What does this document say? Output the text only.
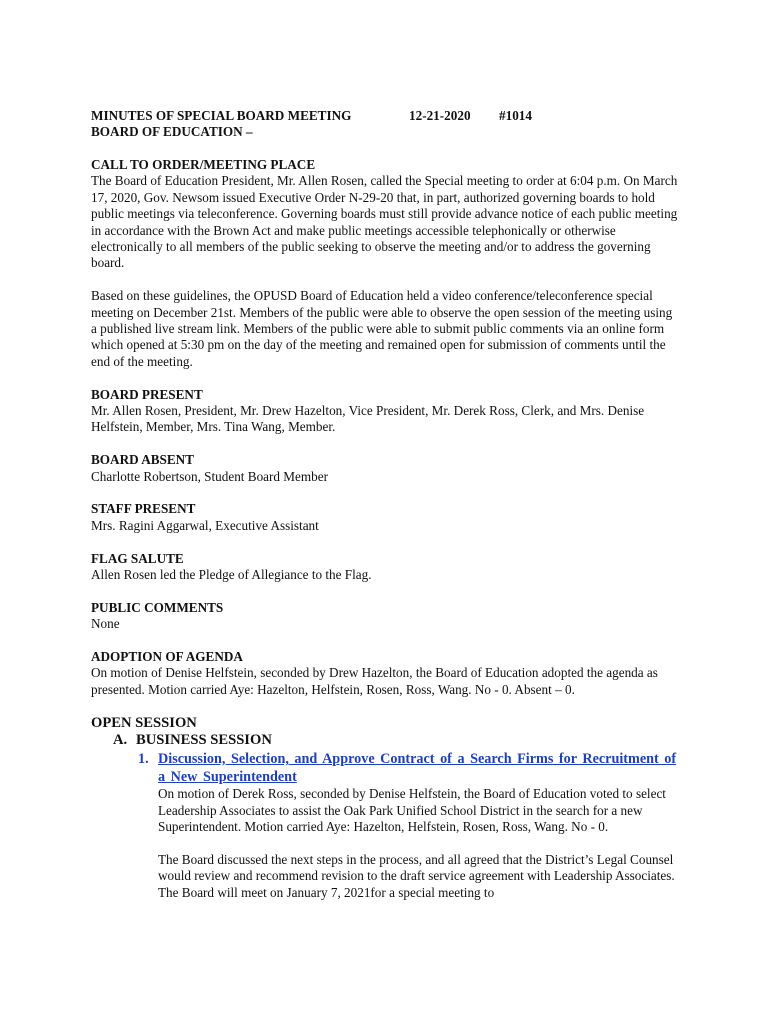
MINUTES OF SPECIAL BOARD MEETING	12-21-2020 #1014
BOARD OF EDUCATION –

CALL TO ORDER/MEETING PLACE

The Board of Education President, Mr. Allen Rosen, called the Special meeting to order at 6:04 p.m. On March 17, 2020, Gov. Newsom issued Executive Order N-29-20 that, in part, authorized governing boards to hold public meetings via teleconference. Governing boards must still provide advance notice of each public meeting in accordance with the Brown Act and make public meetings accessible telephonically or otherwise electronically to all members of the public seeking to observe the meeting and/or to address the governing board.

Based on these guidelines, the OPUSD Board of Education held a video conference/teleconference special meeting on December 21st. Members of the public were able to observe the open session of the meeting using a published live stream link. Members of the public were able to submit public comments via an online form which opened at 5:30 pm on the day of the meeting and remained open for submission of comments until the end of the meeting.

BOARD PRESENT

Mr. Allen Rosen, President, Mr. Drew Hazelton, Vice President, Mr. Derek Ross, Clerk, and Mrs. Denise Helfstein, Member, Mrs. Tina Wang, Member.

BOARD ABSENT

Charlotte Robertson, Student Board Member

STAFF PRESENT

Mrs. Ragini Aggarwal, Executive Assistant

FLAG SALUTE

Allen Rosen led the Pledge of Allegiance to the Flag.

PUBLIC COMMENTS

None

ADOPTION OF AGENDA

On motion of Denise Helfstein, seconded by Drew Hazelton, the Board of Education adopted the agenda as presented. Motion carried Aye: Hazelton, Helfstein, Rosen, Ross, Wang. No - 0. Absent – 0.

OPEN SESSION
A. BUSINESS SESSION
1. Discussion, Selection, and Approve Contract of a Search Firms for Recruitment of a New Superintendent

On motion of Derek Ross, seconded by Denise Helfstein, the Board of Education voted to select Leadership Associates to assist the Oak Park Unified School District in the search for a new Superintendent. Motion carried Aye: Hazelton, Helfstein, Rosen, Ross, Wang. No - 0.

The Board discussed the next steps in the process, and all agreed that the District’s Legal Counsel would review and recommend revision to the draft service agreement with Leadership Associates. The Board will meet on January 7, 2021for a special meeting to
